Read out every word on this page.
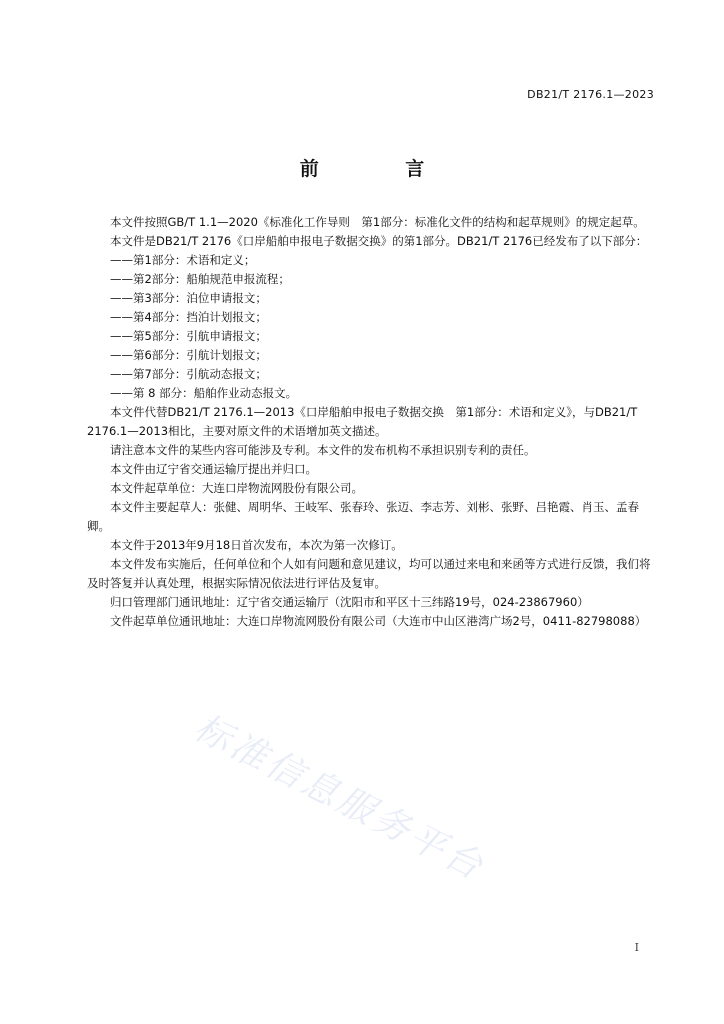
DB21/T 2176.1—2023
前 言

本文件按照GB/T 1.1—2020《标准化工作导则　第1部分：标准化文件的结构和起草规则》的规定起草。

本文件是DB21/T 2176《口岸船舶申报电子数据交换》的第1部分。DB21/T 2176已经发布了以下部分：

——第1部分：术语和定义；

——第2部分：船舶规范申报流程；

——第3部分：泊位申请报文；

——第4部分：挡泊计划报文；

——第5部分：引航申请报文；

——第6部分：引航计划报文；

——第7部分：引航动态报文；

——第 8 部分：船舶作业动态报文。

本文件代替DB21/T 2176.1—2013《口岸船舶申报电子数据交换　第1部分：术语和定义》，与DB21/T 2176.1—2013相比，主要对原文件的术语增加英文描述。

请注意本文件的某些内容可能涉及专利。本文件的发布机构不承担识别专利的责任。

本文件由辽宁省交通运输厅提出并归口。

本文件起草单位：大连口岸物流网股份有限公司。

本文件主要起草人：张健、周明华、王岐军、张春玲、张迈、李志芳、刘彬、张野、吕艳霞、肖玉、孟春卿。

本文件于2013年9月18日首次发布，本次为第一次修订。

本文件发布实施后，任何单位和个人如有问题和意见建议，均可以通过来电和来函等方式进行反馈，我们将及时答复并认真处理，根据实际情况依法进行评估及复审。

归口管理部门通讯地址：辽宁省交通运输厅（沈阳市和平区十三纬路19号，024-23867960）

文件起草单位通讯地址：大连口岸物流网股份有限公司（大连市中山区港湾广场2号，0411-82798088）

标准信息服务平台
I
